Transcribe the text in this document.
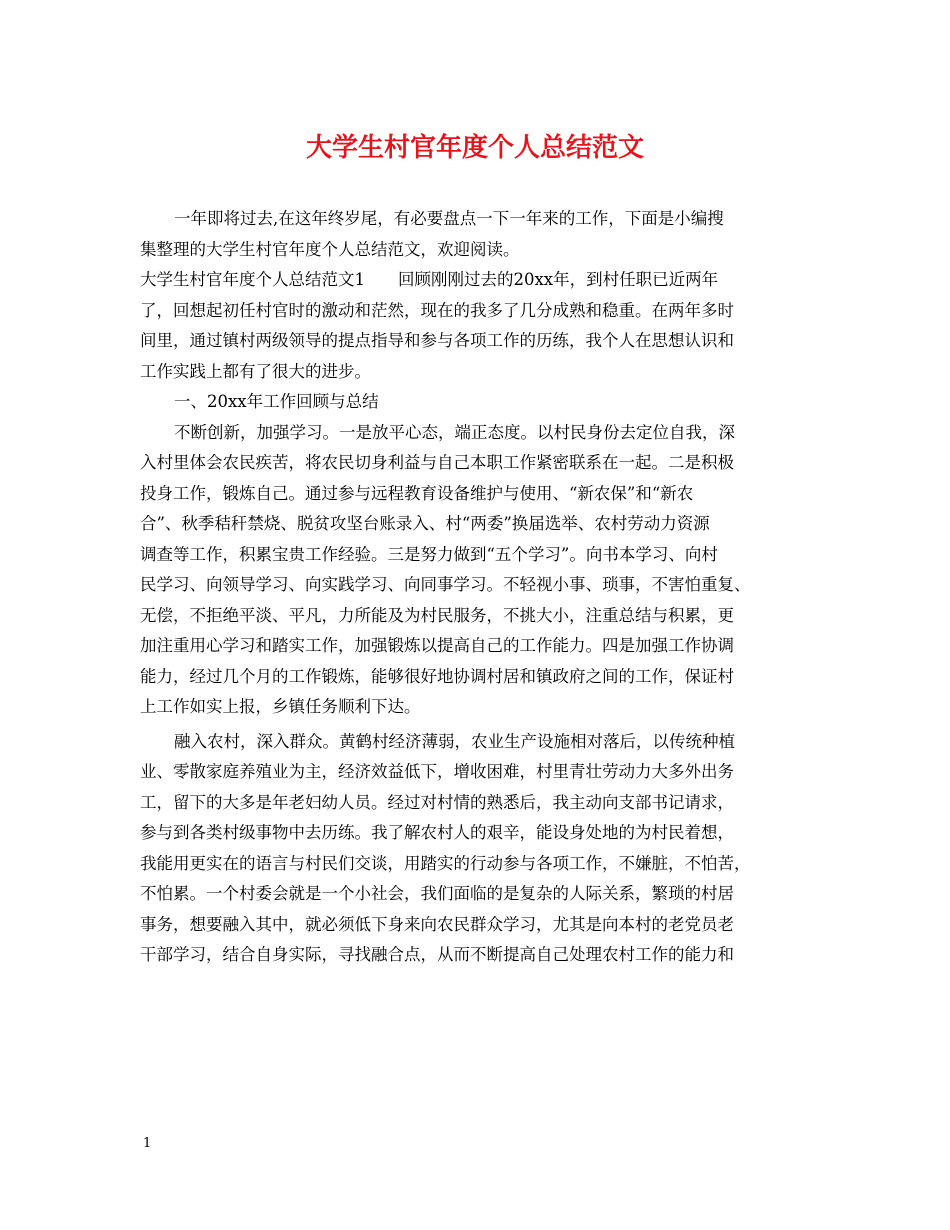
大学生村官年度个人总结范文
一年即将过去,在这年终岁尾，有必要盘点一下一年来的工作，下面是小编搜
集整理的大学生村官年度个人总结范文，欢迎阅读。
大学生村官年度个人总结范文1　　回顾刚刚过去的20xx年，到村任职已近两年
了，回想起初任村官时的激动和茫然，现在的我多了几分成熟和稳重。在两年多时
间里，通过镇村两级领导的提点指导和参与各项工作的历练，我个人在思想认识和
工作实践上都有了很大的进步。
一、20xx年工作回顾与总结
不断创新，加强学习。一是放平心态，端正态度。以村民身份去定位自我，深
入村里体会农民疾苦，将农民切身利益与自己本职工作紧密联系在一起。二是积极
投身工作，锻炼自己。通过参与远程教育设备维护与使用、“新农保”和“新农
合”、秋季秸秆禁烧、脱贫攻坚台账录入、村“两委”换届选举、农村劳动力资源
调查等工作，积累宝贵工作经验。三是努力做到“五个学习”。向书本学习、向村
民学习、向领导学习、向实践学习、向同事学习。不轻视小事、琐事，不害怕重复、
无偿，不拒绝平淡、平凡，力所能及为村民服务，不挑大小，注重总结与积累，更
加注重用心学习和踏实工作，加强锻炼以提高自己的工作能力。四是加强工作协调
能力，经过几个月的工作锻炼，能够很好地协调村居和镇政府之间的工作，保证村
上工作如实上报，乡镇任务顺利下达。
融入农村，深入群众。黄鹤村经济薄弱，农业生产设施相对落后，以传统种植
业、零散家庭养殖业为主，经济效益低下，增收困难，村里青壮劳动力大多外出务
工，留下的大多是年老妇幼人员。经过对村情的熟悉后，我主动向支部书记请求，
参与到各类村级事物中去历练。我了解农村人的艰辛，能设身处地的为村民着想，
我能用更实在的语言与村民们交谈，用踏实的行动参与各项工作，不嫌脏，不怕苦，
不怕累。一个村委会就是一个小社会，我们面临的是复杂的人际关系，繁琐的村居
事务，想要融入其中，就必须低下身来向农民群众学习，尤其是向本村的老党员老
干部学习，结合自身实际，寻找融合点，从而不断提高自己处理农村工作的能力和
1
